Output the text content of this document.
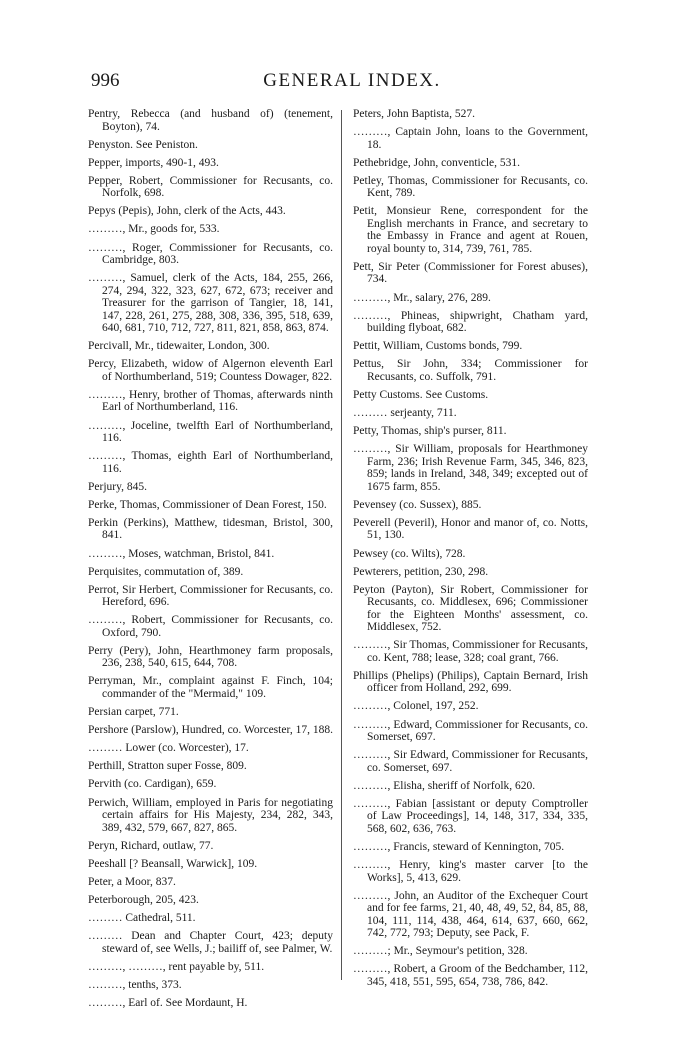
996	GENERAL INDEX.
Pentry, Rebecca (and husband of) (tenement, Boyton), 74.
Penyston. See Peniston.
Pepper, imports, 490-1, 493.
Pepper, Robert, Commissioner for Recusants, co. Norfolk, 698.
Pepys (Pepis), John, clerk of the Acts, 443.
………, Mr., goods for, 533.
………, Roger, Commissioner for Recusants, co. Cambridge, 803.
………, Samuel, clerk of the Acts, 184, 255, 266, 274, 294, 322, 323, 627, 672, 673; receiver and Treasurer for the garrison of Tangier, 18, 141, 147, 228, 261, 275, 288, 308, 336, 395, 518, 639, 640, 681, 710, 712, 727, 811, 821, 858, 863, 874.
Percivall, Mr., tidewaiter, London, 300.
Percy, Elizabeth, widow of Algernon eleventh Earl of Northumberland, 519; Countess Dowager, 822.
………, Henry, brother of Thomas, afterwards ninth Earl of Northumberland, 116.
………, Joceline, twelfth Earl of Northumberland, 116.
………, Thomas, eighth Earl of Northumberland, 116.
Perjury, 845.
Perke, Thomas, Commissioner of Dean Forest, 150.
Perkin (Perkins), Matthew, tidesman, Bristol, 300, 841.
………, Moses, watchman, Bristol, 841.
Perquisites, commutation of, 389.
Perrot, Sir Herbert, Commissioner for Recusants, co. Hereford, 696.
………, Robert, Commissioner for Recusants, co. Oxford, 790.
Perry (Pery), John, Hearthmoney farm proposals, 236, 238, 540, 615, 644, 708.
Perryman, Mr., complaint against F. Finch, 104; commander of the "Mermaid," 109.
Persian carpet, 771.
Pershore (Parslow), Hundred, co. Worcester, 17, 188.
……… Lower (co. Worcester), 17.
Perthill, Stratton super Fosse, 809.
Pervith (co. Cardigan), 659.
Perwich, William, employed in Paris for negotiating certain affairs for His Majesty, 234, 282, 343, 389, 432, 579, 667, 827, 865.
Peryn, Richard, outlaw, 77.
Peeshall [? Beansall, Warwick], 109.
Peter, a Moor, 837.
Peterborough, 205, 423.
……… Cathedral, 511.
……… Dean and Chapter Court, 423; deputy steward of, see Wells, J.; bailiff of, see Palmer, W.
………, ………, rent payable by, 511.
………, tenths, 373.
………, Earl of. See Mordaunt, H.
Peters, John Baptista, 527.
………, Captain John, loans to the Government, 18.
Pethebridge, John, conventicle, 531.
Petley, Thomas, Commissioner for Recusants, co. Kent, 789.
Petit, Monsieur Rene, correspondent for the English merchants in France, and secretary to the Embassy in France and agent at Rouen, royal bounty to, 314, 739, 761, 785.
Pett, Sir Peter (Commissioner for Forest abuses), 734.
………, Mr., salary, 276, 289.
………, Phineas, shipwright, Chatham yard, building flyboat, 682.
Pettit, William, Customs bonds, 799.
Pettus, Sir John, 334; Commissioner for Recusants, co. Suffolk, 791.
Petty Customs. See Customs.
……… serjeanty, 711.
Petty, Thomas, ship's purser, 811.
………, Sir William, proposals for Hearthmoney Farm, 236; Irish Revenue Farm, 345, 346, 823, 859; lands in Ireland, 348, 349; excepted out of 1675 farm, 855.
Pevensey (co. Sussex), 885.
Peverell (Peveril), Honor and manor of, co. Notts, 51, 130.
Pewsey (co. Wilts), 728.
Pewterers, petition, 230, 298.
Peyton (Payton), Sir Robert, Commissioner for Recusants, co. Middlesex, 696; Commissioner for the Eighteen Months' assessment, co. Middlesex, 752.
………, Sir Thomas, Commissioner for Recusants, co. Kent, 788; lease, 328; coal grant, 766.
Phillips (Phelips) (Philips), Captain Bernard, Irish officer from Holland, 292, 699.
………, Colonel, 197, 252.
………, Edward, Commissioner for Recusants, co. Somerset, 697.
………, Sir Edward, Commissioner for Recusants, co. Somerset, 697.
………, Elisha, sheriff of Norfolk, 620.
………, Fabian [assistant or deputy Comptroller of Law Proceedings], 14, 148, 317, 334, 335, 568, 602, 636, 763.
………, Francis, steward of Kennington, 705.
………, Henry, king's master carver [to the Works], 5, 413, 629.
………, John, an Auditor of the Exchequer Court and for fee farms, 21, 40, 48, 49, 52, 84, 85, 88, 104, 111, 114, 438, 464, 614, 637, 660, 662, 742, 772, 793; Deputy, see Pack, F.
………; Mr., Seymour's petition, 328.
………, Robert, a Groom of the Bedchamber, 112, 345, 418, 551, 595, 654, 738, 786, 842.
